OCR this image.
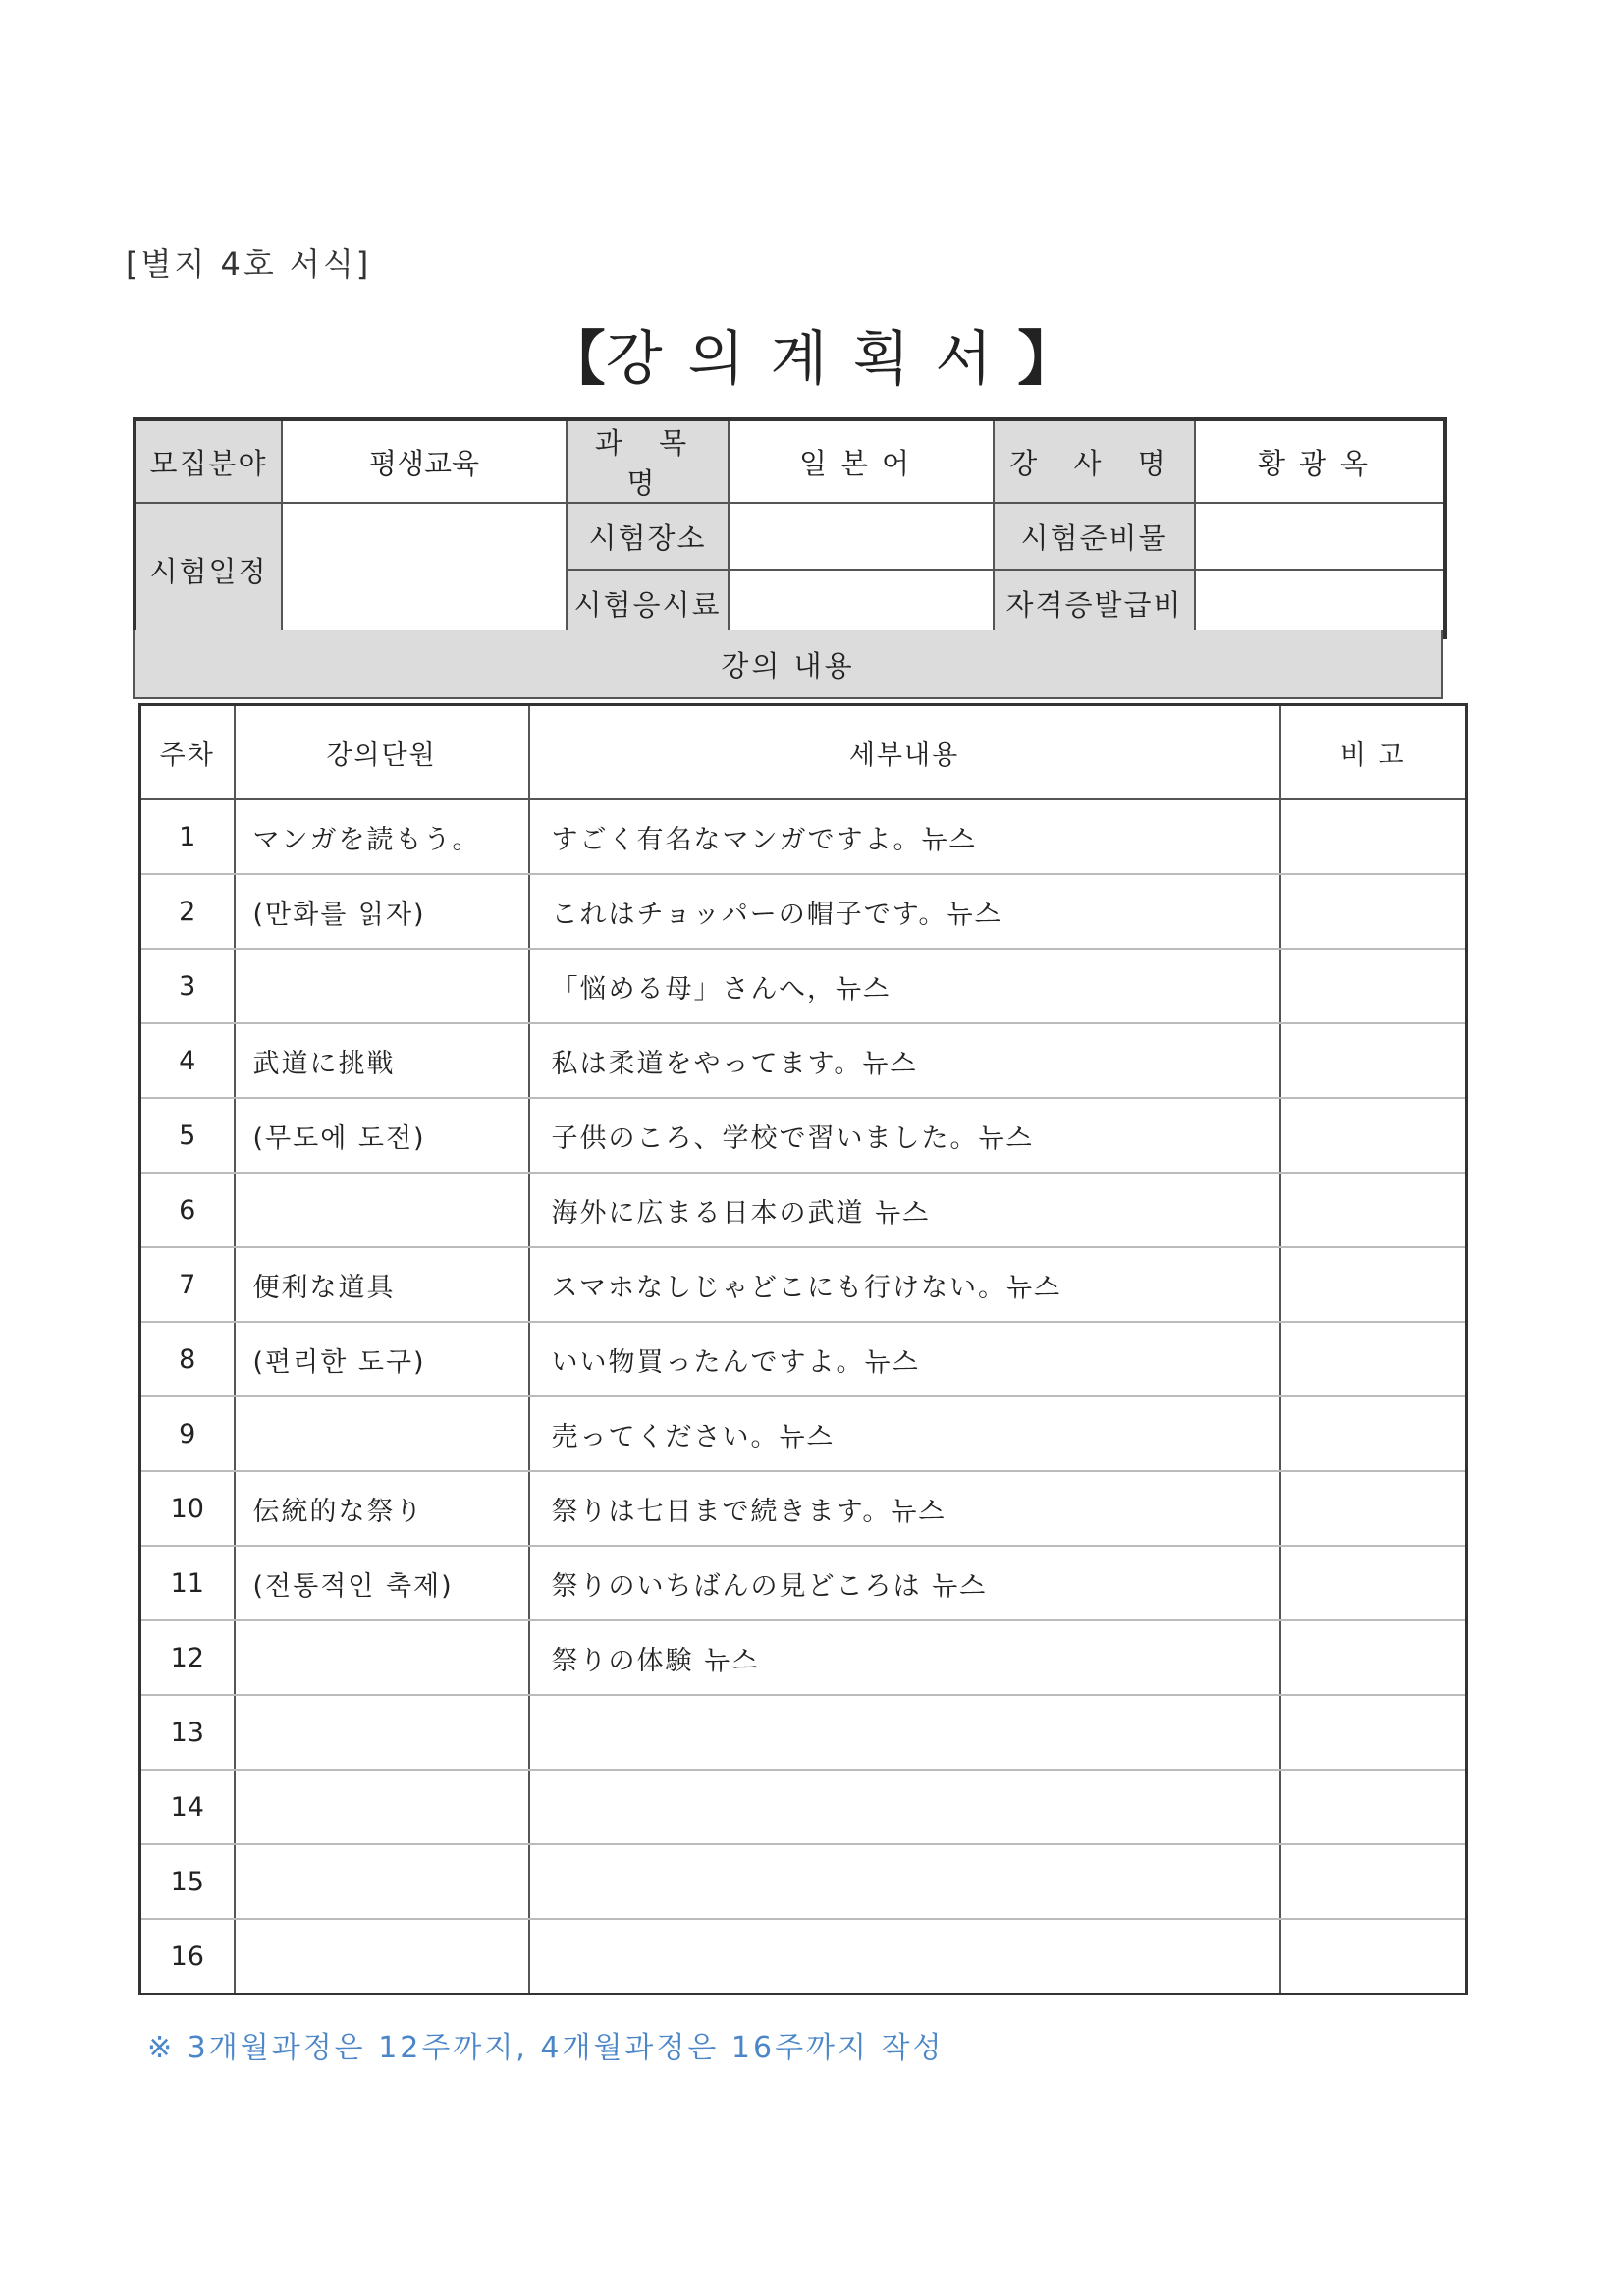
[별지 4호 서식]
【강의계획서】
모집분야	평생교육	과 목 명	일본어	강 사 명	황광옥
시험일정		시험장소		시험준비물	
		시험응시료		자격증발급비	
강의 내용
주차	강의단원	세부내용	비 고
1	マンガを読もう。	すごく有名なマンガですよ。뉴스	
2	(만화를 읽자)	これはチョッパーの帽子です。뉴스	
3		「悩める母」さんへ，뉴스	
4	武道に挑戦	私は柔道をやってます。뉴스	
5	(무도에 도전)	子供のころ、学校で習いました。뉴스	
6		海外に広まる日本の武道 뉴스	
7	便利な道具	スマホなしじゃどこにも行けない。뉴스	
8	(편리한 도구)	いい物買ったんですよ。뉴스	
9		売ってください。뉴스	
10	伝統的な祭り	祭りは七日まで続きます。뉴스	
11	(전통적인 축제)	祭りのいちばんの見どころは 뉴스	
12		祭りの体験 뉴스	
13			
14			
15			
16			
※ 3개월과정은 12주까지, 4개월과정은 16주까지 작성
